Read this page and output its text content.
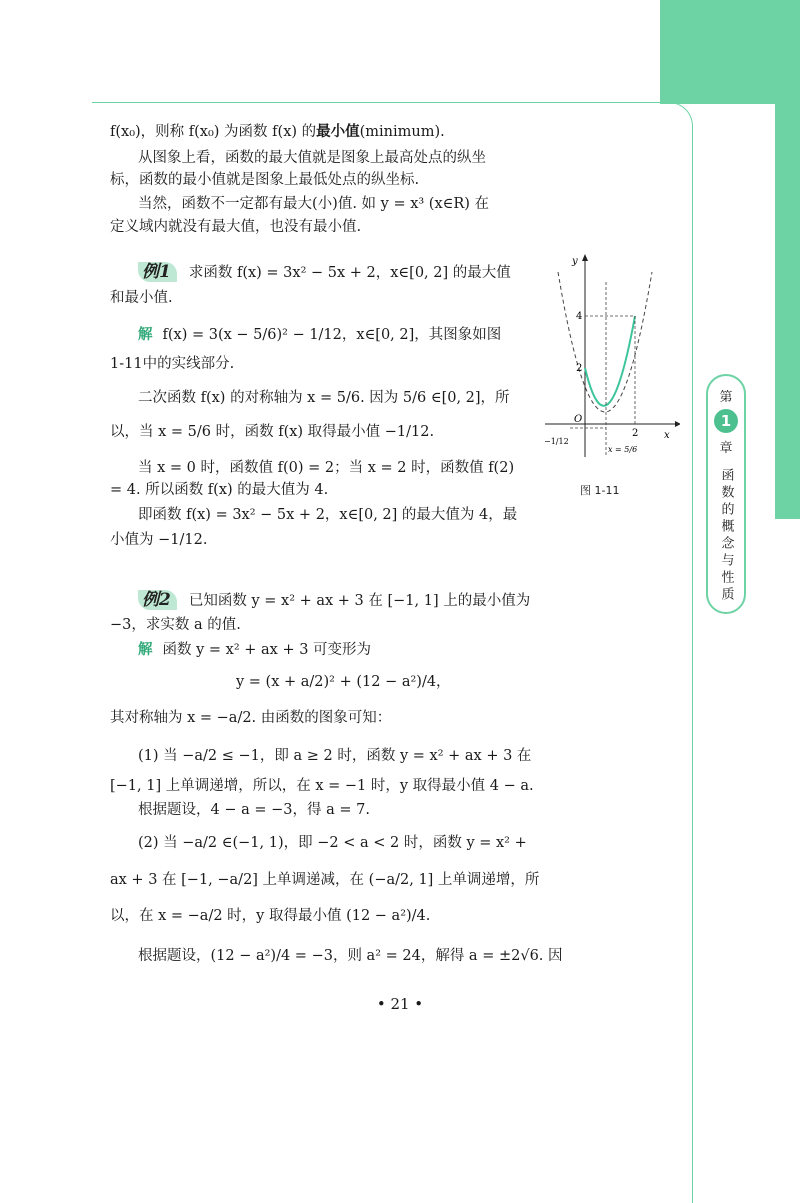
第
1
章
函数的概念与性质
f(x₀)，则称 f(x₀) 为函数 f(x) 的最小值(minimum).
从图象上看，函数的最大值就是图象上最高处点的纵坐
标，函数的最小值就是图象上最低处点的纵坐标.
当然，函数不一定都有最大(小)值. 如 y = x³ (x∈R) 在
定义域内就没有最大值，也没有最小值.
例1 求函数 f(x) = 3x² − 5x + 2，x∈[0, 2] 的最大值
和最小值.
解 f(x) = 3(x − 5/6)² − 1/12，x∈[0, 2]，其图象如图
1-11中的实线部分.
二次函数 f(x) 的对称轴为 x = 5/6. 因为 5/6 ∈[0, 2]，所
以，当 x = 5/6 时，函数 f(x) 取得最小值 −1/12.
当 x = 0 时，函数值 f(0) = 2；当 x = 2 时，函数值 f(2)
= 4. 所以函数 f(x) 的最大值为 4.
即函数 f(x) = 3x² − 5x + 2，x∈[0, 2] 的最大值为 4，最
小值为 −1/12.
例2 已知函数 y = x² + ax + 3 在 [−1, 1] 上的最小值为
−3，求实数 a 的值.
解 函数 y = x² + ax + 3 可变形为
y = (x + a/2)² + (12 − a²)/4，
其对称轴为 x = −a/2. 由函数的图象可知：
(1) 当 −a/2 ≤ −1，即 a ≥ 2 时，函数 y = x² + ax + 3 在
[−1, 1] 上单调递增，所以，在 x = −1 时，y 取得最小值 4 − a.
根据题设，4 − a = −3，得 a = 7.
(2) 当 −a/2 ∈(−1, 1)，即 −2 < a < 2 时，函数 y = x² +
ax + 3 在 [−1, −a/2] 上单调递减，在 (−a/2, 1] 上单调递增，所
以，在 x = −a/2 时，y 取得最小值 (12 − a²)/4.
根据题设，(12 − a²)/4 = −3，则 a² = 24，解得 a = ±2√6. 因
y
x
O
4
2
2
−1/12
x = 5/6
图 1-11
• 21 •
